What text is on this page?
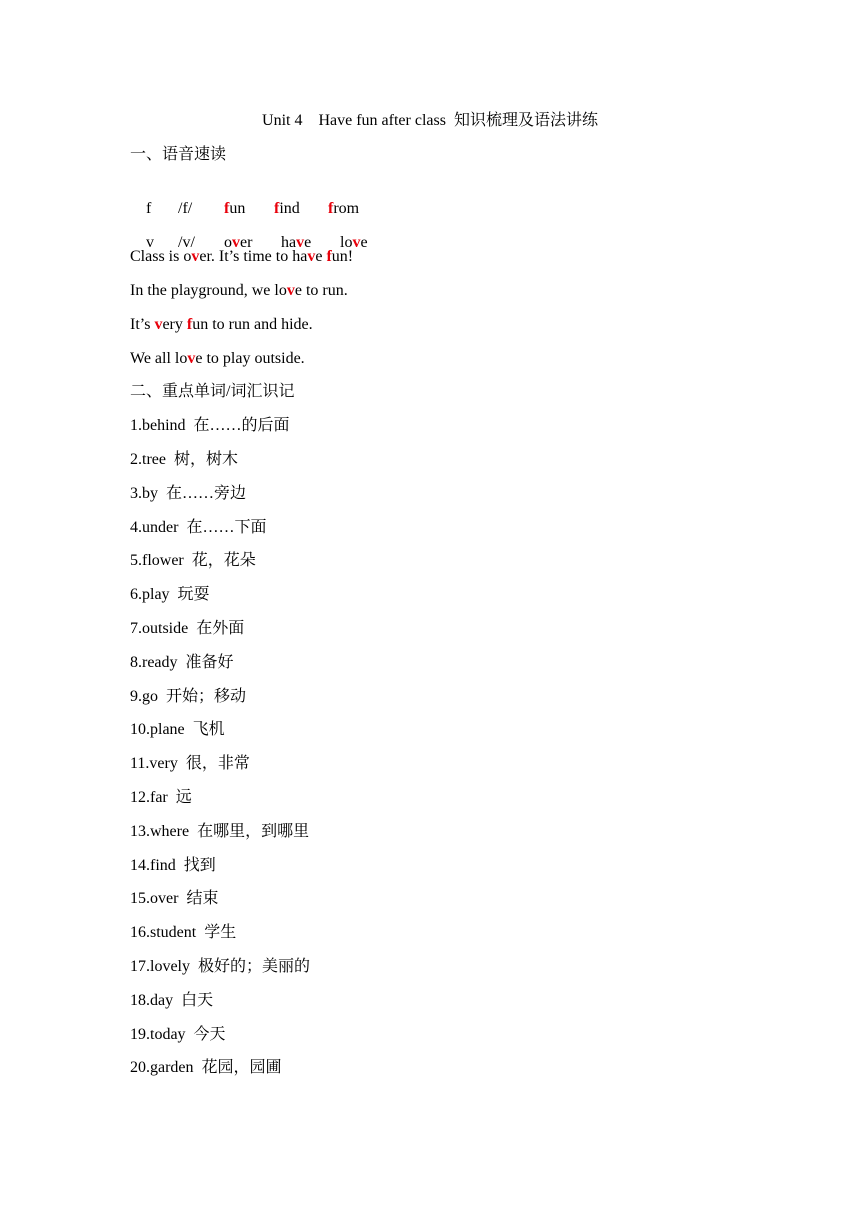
Unit 4    Have fun after class  知识梳理及语法讲练
一、语音速读

f /f/ fun find from

v /v/ over have love

Class is over. It’s time to have fun!
In the playground, we love to run.
It’s very fun to run and hide.
We all love to play outside.
二、重点单词/词汇识记
1.behind 在……的后面
2.tree 树，树木
3.by 在……旁边
4.under 在……下面
5.flower 花，花朵
6.play 玩耍
7.outside 在外面
8.ready 准备好
9.go 开始；移动
10.plane 飞机
11.very 很，非常
12.far 远
13.where 在哪里，到哪里
14.find 找到
15.over 结束
16.student 学生
17.lovely 极好的；美丽的
18.day 白天
19.today 今天
20.garden 花园，园圃
